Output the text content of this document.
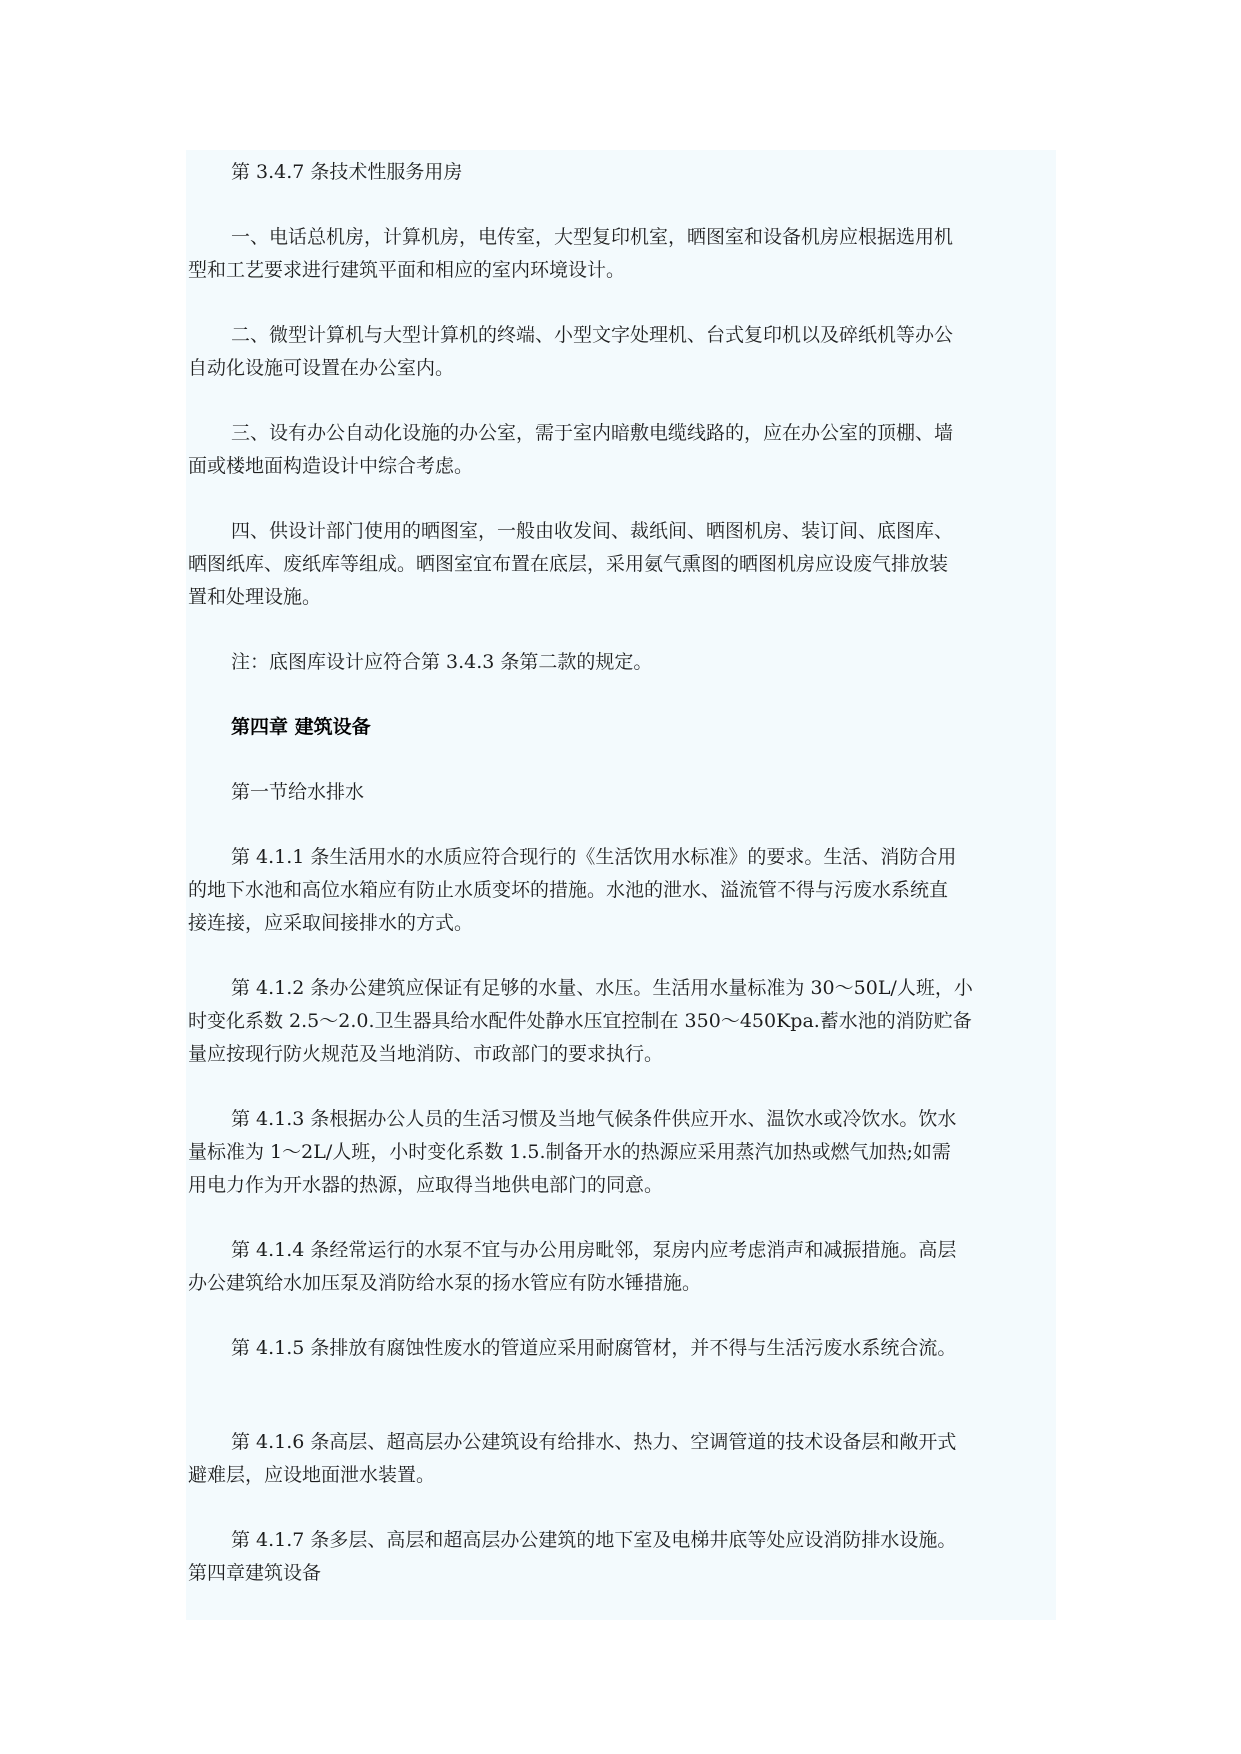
第 3.4.7 条技术性服务用房

一、电话总机房，计算机房，电传室，大型复印机室，晒图室和设备机房应根据选用机

型和工艺要求进行建筑平面和相应的室内环境设计。

二、微型计算机与大型计算机的终端、小型文字处理机、台式复印机以及碎纸机等办公

自动化设施可设置在办公室内。

三、设有办公自动化设施的办公室，需于室内暗敷电缆线路的，应在办公室的顶棚、墙

面或楼地面构造设计中综合考虑。

四、供设计部门使用的晒图室，一般由收发间、裁纸间、晒图机房、装订间、底图库、

晒图纸库、废纸库等组成。晒图室宜布置在底层，采用氨气熏图的晒图机房应设废气排放装

置和处理设施。

注：底图库设计应符合第 3.4.3 条第二款的规定。

第四章 建筑设备

第一节给水排水

第 4.1.1 条生活用水的水质应符合现行的《生活饮用水标准》的要求。生活、消防合用

的地下水池和高位水箱应有防止水质变坏的措施。水池的泄水、溢流管不得与污废水系统直

接连接，应采取间接排水的方式。

第 4.1.2 条办公建筑应保证有足够的水量、水压。生活用水量标准为 30～50L/人班，小

时变化系数 2.5～2.0.卫生器具给水配件处静水压宜控制在 350～450Kpa.蓄水池的消防贮备

量应按现行防火规范及当地消防、市政部门的要求执行。

第 4.1.3 条根据办公人员的生活习惯及当地气候条件供应开水、温饮水或冷饮水。饮水

量标准为 1～2L/人班，小时变化系数 1.5.制备开水的热源应采用蒸汽加热或燃气加热;如需

用电力作为开水器的热源，应取得当地供电部门的同意。

第 4.1.4 条经常运行的水泵不宜与办公用房毗邻，泵房内应考虑消声和减振措施。高层

办公建筑给水加压泵及消防给水泵的扬水管应有防水锤措施。

第 4.1.5 条排放有腐蚀性废水的管道应采用耐腐管材，并不得与生活污废水系统合流。

第 4.1.6 条高层、超高层办公建筑设有给排水、热力、空调管道的技术设备层和敞开式

避难层，应设地面泄水装置。

第 4.1.7 条多层、高层和超高层办公建筑的地下室及电梯井底等处应设消防排水设施。

第四章建筑设备
